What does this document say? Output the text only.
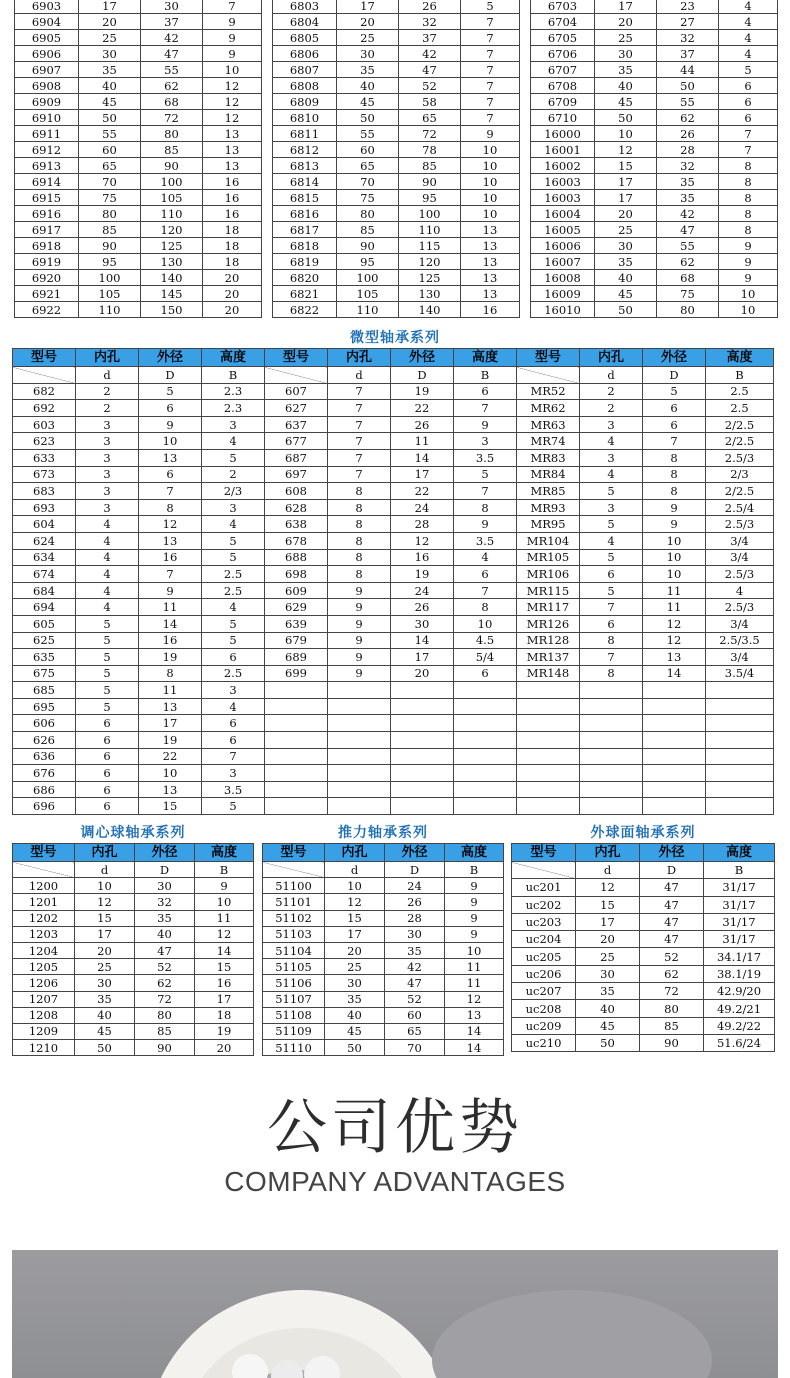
6903	17	30	7
6904	20	37	9
6905	25	42	9
6906	30	47	9
6907	35	55	10
6908	40	62	12
6909	45	68	12
6910	50	72	12
6911	55	80	13
6912	60	85	13
6913	65	90	13
6914	70	100	16
6915	75	105	16
6916	80	110	16
6917	85	120	18
6918	90	125	18
6919	95	130	18
6920	100	140	20
6921	105	145	20
6922	110	150	20
6803	17	26	5
6804	20	32	7
6805	25	37	7
6806	30	42	7
6807	35	47	7
6808	40	52	7
6809	45	58	7
6810	50	65	7
6811	55	72	9
6812	60	78	10
6813	65	85	10
6814	70	90	10
6815	75	95	10
6816	80	100	10
6817	85	110	13
6818	90	115	13
6819	95	120	13
6820	100	125	13
6821	105	130	13
6822	110	140	16
6703	17	23	4
6704	20	27	4
6705	25	32	4
6706	30	37	4
6707	35	44	5
6708	40	50	6
6709	45	55	6
6710	50	62	6
16000	10	26	7
16001	12	28	7
16002	15	32	8
16003	17	35	8
16003	17	35	8
16004	20	42	8
16005	25	47	8
16006	30	55	9
16007	35	62	9
16008	40	68	9
16009	45	75	10
16010	50	80	10
微型轴承系列
型号	内孔	外径	高度	型号	内孔	外径	高度	型号	内孔	外径	高度
	d	D	B		d	D	B		d	D	B
682	2	5	2.3	607	7	19	6	MR52	2	5	2.5
692	2	6	2.3	627	7	22	7	MR62	2	6	2.5
603	3	9	3	637	7	26	9	MR63	3	6	2/2.5
623	3	10	4	677	7	11	3	MR74	4	7	2/2.5
633	3	13	5	687	7	14	3.5	MR83	3	8	2.5/3
673	3	6	2	697	7	17	5	MR84	4	8	2/3
683	3	7	2/3	608	8	22	7	MR85	5	8	2/2.5
693	3	8	3	628	8	24	8	MR93	3	9	2.5/4
604	4	12	4	638	8	28	9	MR95	5	9	2.5/3
624	4	13	5	678	8	12	3.5	MR104	4	10	3/4
634	4	16	5	688	8	16	4	MR105	5	10	3/4
674	4	7	2.5	698	8	19	6	MR106	6	10	2.5/3
684	4	9	2.5	609	9	24	7	MR115	5	11	4
694	4	11	4	629	9	26	8	MR117	7	11	2.5/3
605	5	14	5	639	9	30	10	MR126	6	12	3/4
625	5	16	5	679	9	14	4.5	MR128	8	12	2.5/3.5
635	5	19	6	689	9	17	5/4	MR137	7	13	3/4
675	5	8	2.5	699	9	20	6	MR148	8	14	3.5/4
685	5	11	3								
695	5	13	4								
606	6	17	6								
626	6	19	6								
636	6	22	7								
676	6	10	3								
686	6	13	3.5								
696	6	15	5								
调心球轴承系列	推力轴承系列	外球面轴承系列
型号	内孔	外径	高度
	d	D	B
1200	10	30	9
1201	12	32	10
1202	15	35	11
1203	17	40	12
1204	20	47	14
1205	25	52	15
1206	30	62	16
1207	35	72	17
1208	40	80	18
1209	45	85	19
1210	50	90	20
型号	内孔	外径	高度
	d	D	B
51100	10	24	9
51101	12	26	9
51102	15	28	9
51103	17	30	9
51104	20	35	10
51105	25	42	11
51106	30	47	11
51107	35	52	12
51108	40	60	13
51109	45	65	14
51110	50	70	14
型号	内孔	外径	高度
	d	D	B
uc201	12	47	31/17
uc202	15	47	31/17
uc203	17	47	31/17
uc204	20	47	31/17
uc205	25	52	34.1/17
uc206	30	62	38.1/19
uc207	35	72	42.9/20
uc208	40	80	49.2/21
uc209	45	85	49.2/22
uc210	50	90	51.6/24
公司优势
COMPANY ADVANTAGES
